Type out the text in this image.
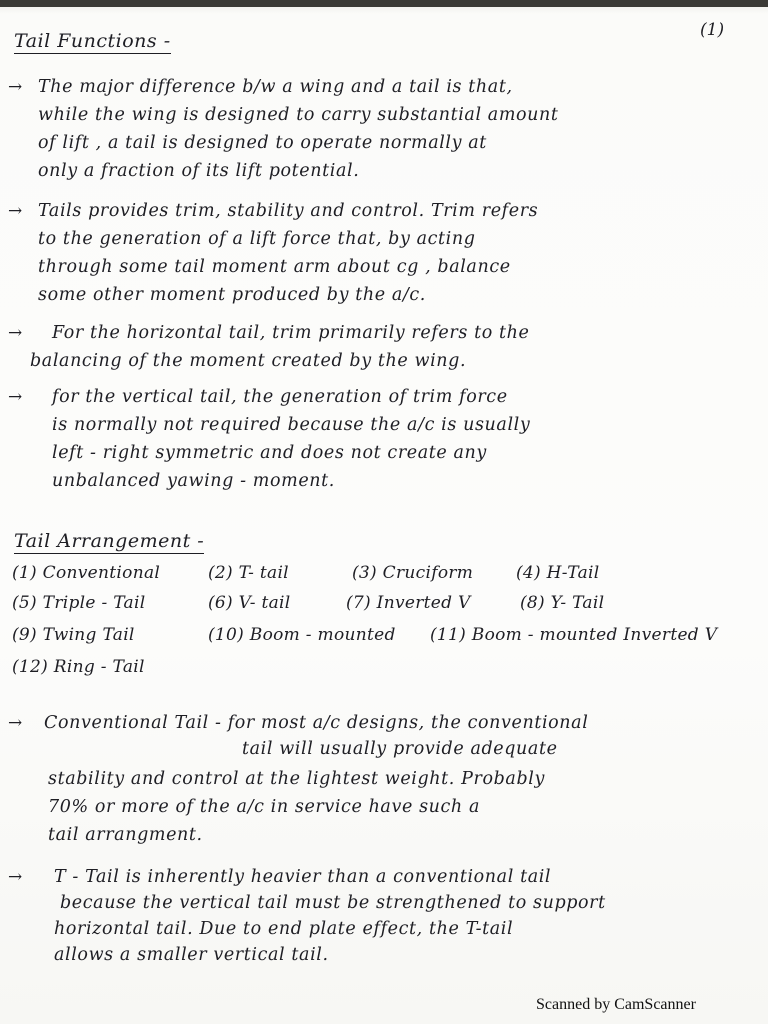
(1)
Tail Functions -
→ The major difference b/w a wing and a tail is that,
while the wing is designed to carry substantial amount
of lift , a tail is designed to operate normally at
only a fraction of its lift potential.
→ Tails provides trim, stability and control. Trim refers
to the generation of a lift force that, by acting
through some tail moment arm about cg , balance
some other moment produced by the a/c.
→ For the horizontal tail, trim primarily refers to the
balancing of the moment created by the wing.
→ for the vertical tail, the generation of trim force
is normally not required because the a/c is usually
left - right symmetric and does not create any
unbalanced yawing - moment.
Tail Arrangement -
(1) Conventional	(2) T- tail	(3) Cruciform	(4) H-Tail
(5) Triple - Tail	(6) V- tail	(7) Inverted V	(8) Y- Tail
(9) Twing Tail	(10) Boom - mounted (11) Boom - mounted Inverted V
(12) Ring - Tail
→ Conventional Tail - for most a/c designs, the conventional
tail will usually provide adequate
stability and control at the lightest weight. Probably
70% or more of the a/c in service have such a
tail arrangment.
→ T - Tail is inherently heavier than a conventional tail
because the vertical tail must be strengthened to support
horizontal tail. Due to end plate effect, the T-tail
allows a smaller vertical tail.
Scanned by CamScanner
